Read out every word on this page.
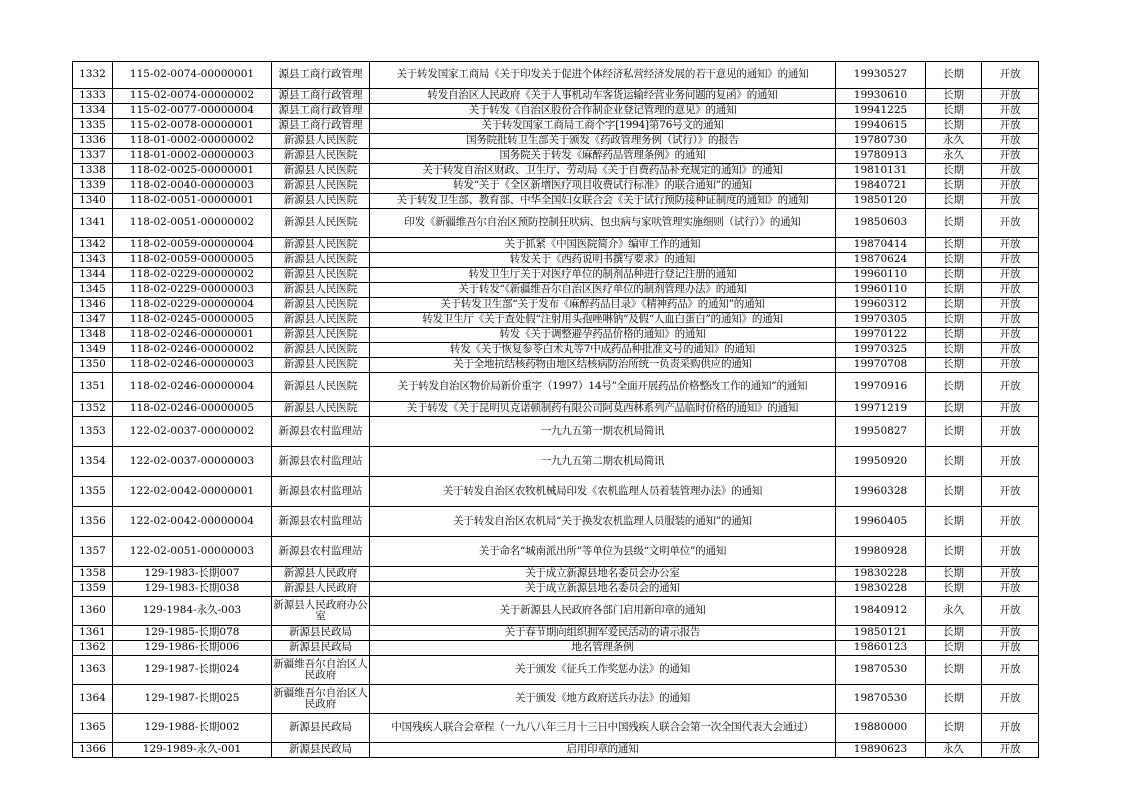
1332	115-02-0074-00000001	源县工商行政管理	关于转发国家工商局《关于印发关于促进个体经济私营经济发展的若干意见的通知》的通知	19930527	长期	开放
1333	115-02-0074-00000002	源县工商行政管理	转发自治区人民政府《关于人事机动车客货运输经营业务问题的复函》的通知	19930610	长期	开放
1334	115-02-0077-00000004	源县工商行政管理	关于转发《自治区股份合作制企业登记管理的意见》的通知	19941225	长期	开放
1335	115-02-0078-00000001	源县工商行政管理	关于转发国家工商局工商个字[1994]第76号文的通知	19940615	长期	开放
1336	118-01-0002-00000002	新源县人民医院	国务院批转卫生部关于颁发《药政管理务例（试行）》的报告	19780730	永久	开放
1337	118-01-0002-00000003	新源县人民医院	国务院关于转发《麻醉药品管理条例》的通知	19780913	永久	开放
1338	118-02-0025-00000001	新源县人民医院	关于转发自治区财政、卫生厅、劳动局《关于自费药品补充规定的通知》的通知	19810131	长期	开放
1339	118-02-0040-00000003	新源县人民医院	转发“关于《全区新增医疗项目收费试行标准》的联合通知”的通知	19840721	长期	开放
1340	118-02-0051-00000001	新源县人民医院	关于转发卫生部、教育部、中华全国妇女联合会《关于试行预防接种证制度的通知》的通知	19850120	长期	开放
1341	118-02-0051-00000002	新源县人民医院	印发《新疆维吾尔自治区预防控制狂吠病、包虫病与家吠管理实施细则（试行）》的通知	19850603	长期	开放
1342	118-02-0059-00000004	新源县人民医院	关于抓紧《中国医院简介》编审工作的通知	19870414	长期	开放
1343	118-02-0059-00000005	新源县人民医院	转发关于《西药说明书撰写要求》的通知	19870624	长期	开放
1344	118-02-0229-00000002	新源县人民医院	转发卫生厅关于对医疗单位的制剂品种进行登记注册的通知	19960110	长期	开放
1345	118-02-0229-00000003	新源县人民医院	关于转发“《新疆维吾尔自治区医疗单位的制剂管理办法》的通知	19960110	长期	开放
1346	118-02-0229-00000004	新源县人民医院	关于转发卫生部“关于发布《麻醉药品目录》《精神药品》的通知”的通知	19960312	长期	开放
1347	118-02-0245-00000005	新源县人民医院	转发卫生厅《关于查处假“注射用头孢唑啉钠”及假“人血白蛋白”的通知》的通知	19970305	长期	开放
1348	118-02-0246-00000001	新源县人民医院	转发《关于调整避孕药品价格的通知》的通知	19970122	长期	开放
1349	118-02-0246-00000002	新源县人民医院	转发《关于恢复参苓白术丸等7中成药品种批准文号的通知》的通知	19970325	长期	开放
1350	118-02-0246-00000003	新源县人民医院	关于全地抗结核药物由地区结核病防治所统一负责采购供应的通知	19970708	长期	开放
1351	118-02-0246-00000004	新源县人民医院	关于转发自治区物价局新价重字（1997）14号”全面开展药品价格整改工作的通知”的通知	19970916	长期	开放
1352	118-02-0246-00000005	新源县人民医院	关于转发《关于昆明贝克诺顿制药有限公司阿莫西林系列产品临时价格的通知》的通知	19971219	长期	开放
1353	122-02-0037-00000002	新源县农村监理站	一九九五第一期农机局简讯	19950827	长期	开放
1354	122-02-0037-00000003	新源县农村监理站	一九九五第二期农机局简讯	19950920	长期	开放
1355	122-02-0042-00000001	新源县农村监理站	关于转发自治区农牧机械局印发《农机监理人员着装管理办法》的通知	19960328	长期	开放
1356	122-02-0042-00000004	新源县农村监理站	关于转发自治区农机局“关于换发农机监理人员服装的通知”的通知	19960405	长期	开放
1357	122-02-0051-00000003	新源县农村监理站	关于命名“城南派出所”等单位为县级“文明单位”的通知	19980928	长期	开放
1358	129-1983-长期007	新源县人民政府	关于成立新源县地名委员会办公室	19830228	长期	开放
1359	129-1983-长期038	新源县人民政府	关于成立新源县地名委员会的通知	19830228	长期	开放
1360	129-1984-永久-003	新源县人民政府办公室	关于新源县人民政府各部门启用新印章的通知	19840912	永久	开放
1361	129-1985-长期078	新源县民政局	关于春节期向组织拥军爱民活动的请示报告	19850121	长期	开放
1362	129-1986-长期006	新源县民政局	地名管理条例	19860123	长期	开放
1363	129-1987-长期024	新疆维吾尔自治区人民政府	关于颁发《征兵工作奖惩办法》的通知	19870530	长期	开放
1364	129-1987-长期025	新疆维吾尔自治区人民政府	关于颁发《地方政府送兵办法》的通知	19870530	长期	开放
1365	129-1988-长期002	新源县民政局	中国残疾人联合会章程（一九八八年三月十三日中国残疾人联合会第一次全国代表大会通过）	19880000	长期	开放
1366	129-1989-永久-001	新源县民政局	启用印章的通知	19890623	永久	开放
